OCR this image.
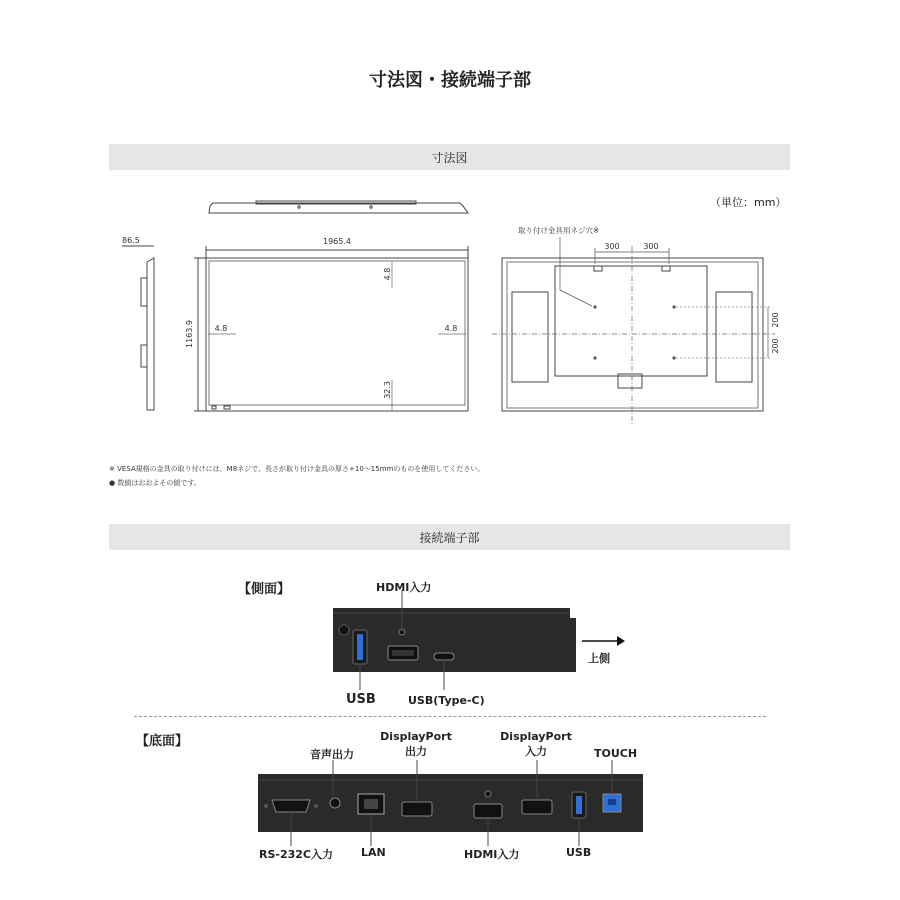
寸法図・接続端子部
寸法図
（単位：mm）
86.5	1965.4
1163.9
4.8
4.8	4.8
32.3
取り付け金具用ネジ穴※
300	300
200
200
※ VESA規格の金具の取り付けには、M8ネジで、長さが取り付け金具の厚さ+10～15mmのものを使用してください。
● 数値はおおよその値です。
接続端子部
【側面】	HDMI入力
上側
USB	USB(Type-C)
【底面】
音声出力
DisplayPort
出力
DisplayPort
入力	TOUCH
RS-232C入力	LAN	HDMI入力	USB
